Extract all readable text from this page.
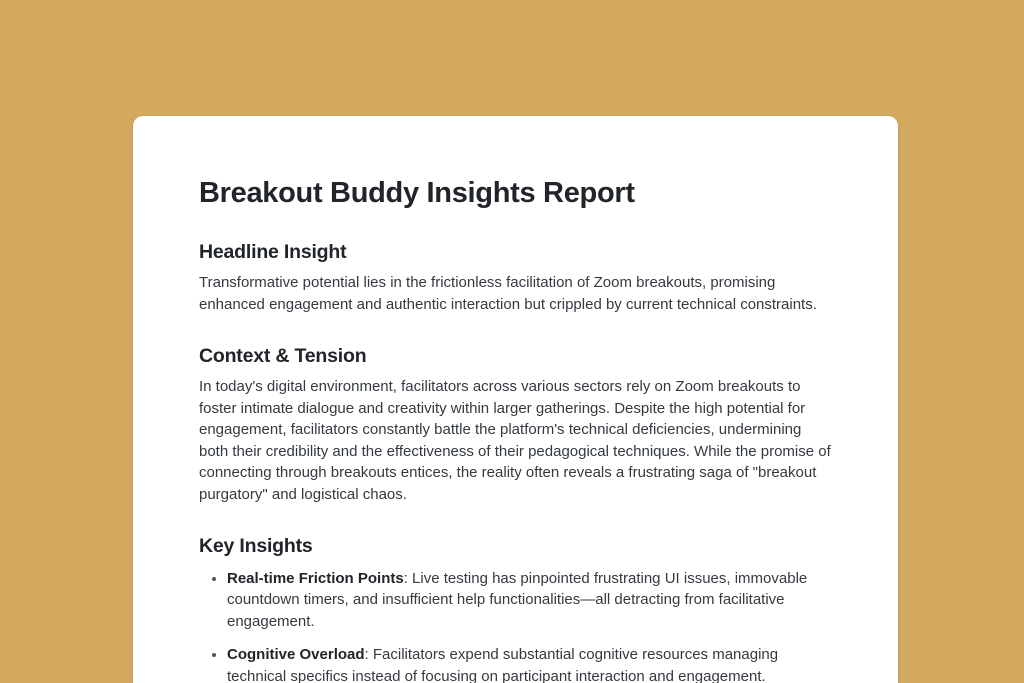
Breakout Buddy Insights Report
Headline Insight

Transformative potential lies in the frictionless facilitation of Zoom breakouts, promising enhanced engagement and authentic interaction but crippled by current technical constraints.

Context & Tension

In today's digital environment, facilitators across various sectors rely on Zoom breakouts to foster intimate dialogue and creativity within larger gatherings. Despite the high potential for engagement, facilitators constantly battle the platform's technical deficiencies, undermining both their credibility and the effectiveness of their pedagogical techniques. While the promise of connecting through breakouts entices, the reality often reveals a frustrating saga of "breakout purgatory" and logistical chaos.

Key Insights
• Real-time Friction Points: Live testing has pinpointed frustrating UI issues, immovable countdown timers, and insufficient help functionalities—all detracting from facilitative engagement.
• Cognitive Overload: Facilitators expend substantial cognitive resources managing technical specifics instead of focusing on participant interaction and engagement.
